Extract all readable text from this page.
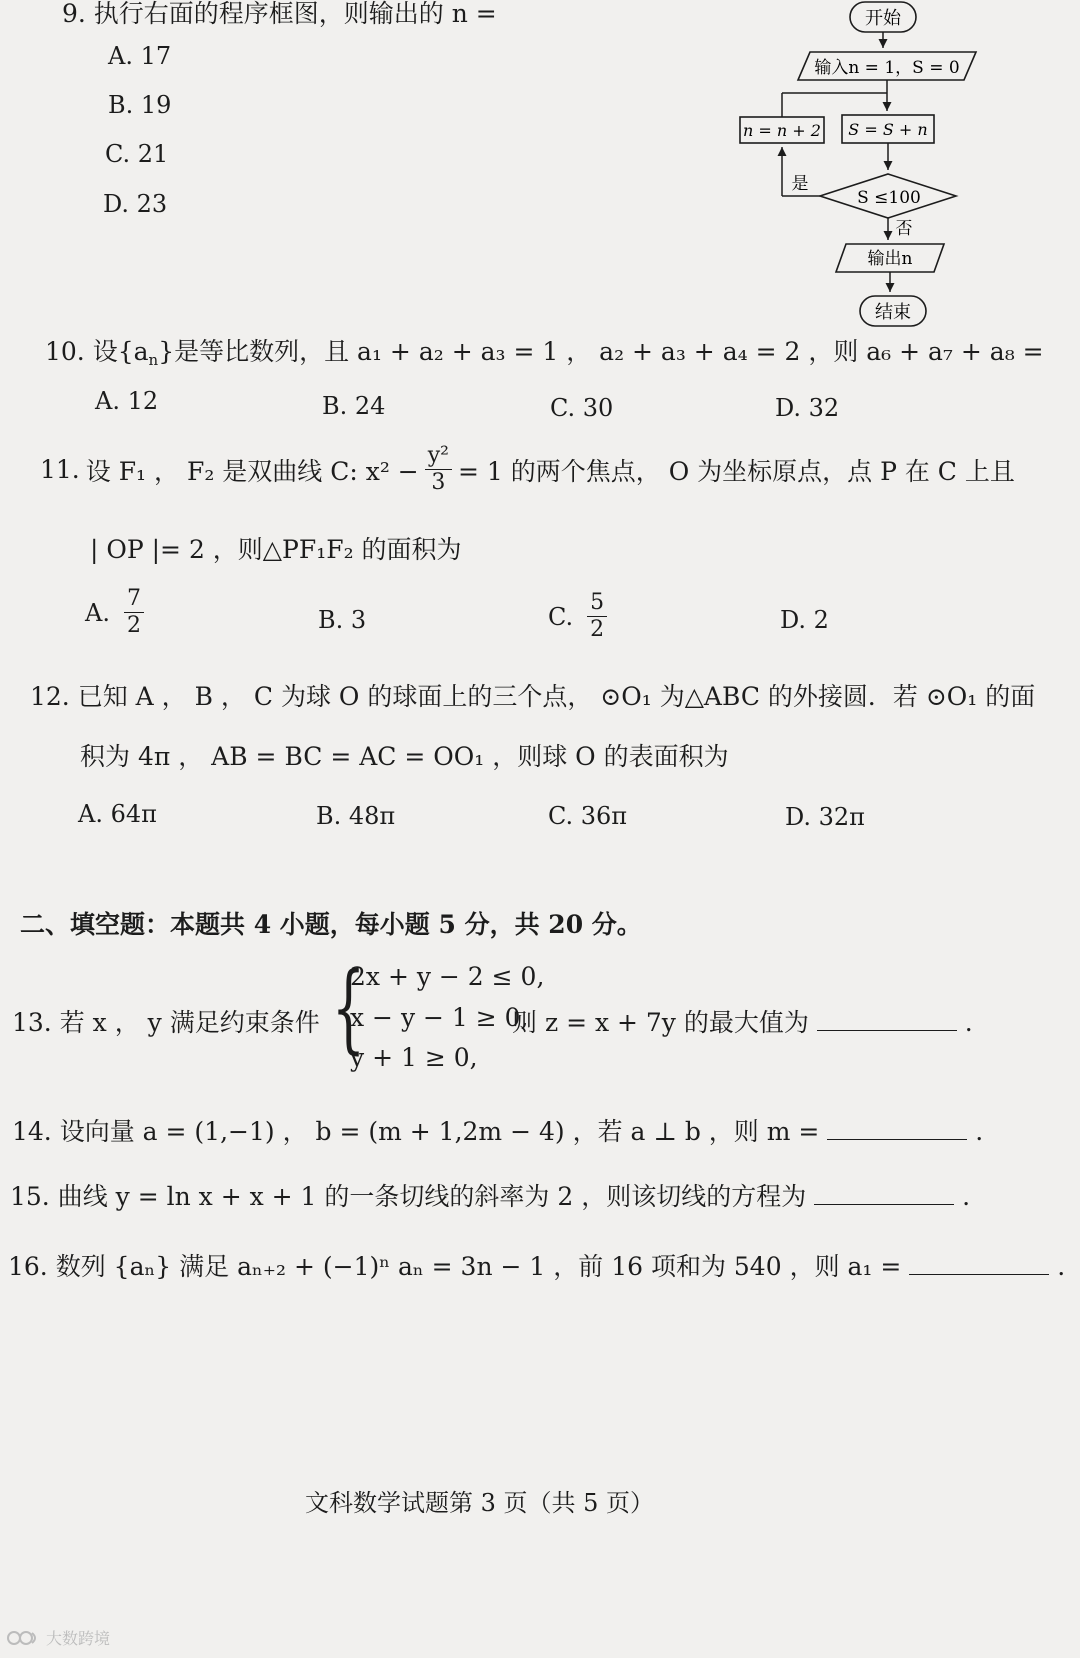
9. 执行右面的程序框图，则输出的 n =
A. 17
B. 19
C. 21
D. 23
开始
输入n = 1，S = 0
n = n + 2 S = S + n
S ≤100
是
否
输出n
结束
10. 设$\{a_n\}$是等比数列，且 a₁ + a₂ + a₃ = 1 ， a₂ + a₃ + a₄ = 2 ，则 a₆ + a₇ + a₈ =
A. 12	B. 24	C. 30	D. 32
11. 设 F₁ ， F₂ 是双曲线 C: $x^2 - \frac{\text{y²}}{3} = 1$ 的两个焦点， O 为坐标原点，点 P 在 C 上且
| OP |= 2 ，则△PF₁F₂ 的面积为
A. $\frac{7}{2}$	B. 3	C. $\frac{5}{2}$	D. 2
12. 已知 A ， B ， C 为球 O 的球面上的三个点， ⊙O₁ 为△ABC 的外接圆．若 ⊙O₁ 的面
积为 4π ， AB = BC = AC = OO₁ ，则球 O 的表面积为
A. 64π	B. 48π	C. 36π	D. 32π
二、填空题：本题共 4 小题，每小题 5 分，共 20 分。
13. 若 x ， y 满足约束条件 {
2x + y − 2 ≤ 0,
x − y − 1 ≥ 0,
y + 1 ≥ 0,
则 z = x + 7y 的最大值为	.
14. 设向量 a = (1,−1) ， b = (m + 1,2m − 4) ，若 a ⊥ b ，则 m =	.
15. 曲线 y = ln x + x + 1 的一条切线的斜率为 2 ，则该切线的方程为	.
16. 数列 {aₙ} 满足 aₙ₊₂ + (−1)ⁿ aₙ = 3n − 1 ，前 16 项和为 540 ，则 a₁ =	.
文科数学试题第 3 页（共 5 页）
大数跨境
